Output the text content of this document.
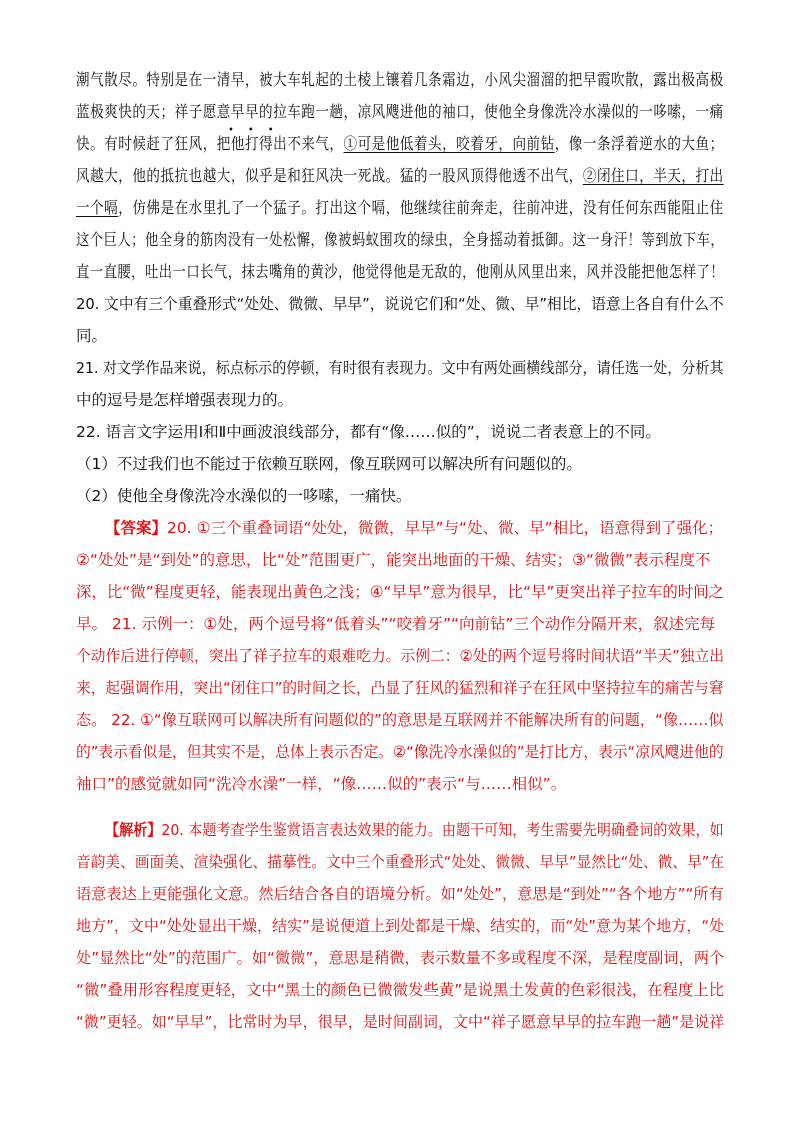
潮气散尽。特别是在一清早，被大车轧起的土棱上镶着几条霜边，小风尖溜溜的把早霞吹散，露出极高极
•••
蓝极爽快的天；祥子愿意早早的拉车跑一趟，凉风飕进他的袖口，使他全身像洗冷水澡似的一哆嗦，一痛
快。有时候赶了狂风，把他打得出不来气，①可是他低着头，咬着牙，向前钻，像一条浮着逆水的大鱼；
风越大，他的抵抗也越大，似乎是和狂风决一死战。猛的一股风顶得他透不出气，②闭住口，半天，打出
一个嗝，仿佛是在水里扎了一个猛子。打出这个嗝，他继续往前奔走，往前冲进，没有任何东西能阻止住
这个巨人；他全身的筋肉没有一处松懈，像被蚂蚁围攻的绿虫，全身摇动着抵御。这一身汗！等到放下车，
直一直腰，吐出一口长气，抹去嘴角的黄沙，他觉得他是无敌的，他刚从风里出来，风并没能把他怎样了！
20. 文中有三个重叠形式“处处、微微、早早”，说说它们和“处、微、早”相比，语意上各自有什么不
同。
21. 对文学作品来说，标点标示的停顿，有时很有表现力。文中有两处画横线部分，请任选一处，分析其
中的逗号是怎样增强表现力的。
22. 语言文字运用Ⅰ和Ⅱ中画波浪线部分，都有“像……似的”，说说二者表意上的不同。
（1）不过我们也不能过于依赖互联网，像互联网可以解决所有问题似的。
（2）使他全身像洗冷水澡似的一哆嗦，一痛快。
【答案】20. ①三个重叠词语“处处，微微，早早”与“处、微、早”相比，语意得到了强化；
②“处处”是“到处”的意思，比“处”范围更广，能突出地面的干燥、结实；③“微微”表示程度不
深，比“微”程度更轻，能表现出黄色之浅；④“早早”意为很早，比“早”更突出祥子拉车的时间之
早。 21. 示例一：①处，两个逗号将“低着头”“咬着牙”“向前钻”三个动作分隔开来，叙述完每
个动作后进行停顿，突出了祥子拉车的艰难吃力。示例二：②处的两个逗号将时间状语“半天”独立出
来，起强调作用，突出“闭住口”的时间之长，凸显了狂风的猛烈和祥子在狂风中坚持拉车的痛苦与窘
态。 22. ①“像互联网可以解决所有问题似的”的意思是互联网并不能解决所有的问题，“像……似
的”表示看似是，但其实不是，总体上表示否定。②“像洗冷水澡似的”是打比方，表示“凉风飕进他的
袖口”的感觉就如同“洗冷水澡”一样，“像……似的”表示“与……相似”。
【解析】20. 本题考查学生鉴赏语言表达效果的能力。由题干可知，考生需要先明确叠词的效果，如
音韵美、画面美、渲染强化、描摹性。文中三个重叠形式“处处、微微、早早”显然比“处、微、早”在
语意表达上更能强化文意。然后结合各自的语境分析。如“处处”，意思是“到处”“各个地方”“所有
地方”，文中“处处显出干燥，结实”是说便道上到处都是干燥、结实的，而“处”意为某个地方，“处
处”显然比“处”的范围广。如“微微”，意思是稍微，表示数量不多或程度不深，是程度副词，两个
“微”叠用形容程度更轻，文中“黑土的颜色已微微发些黄”是说黑土发黄的色彩很浅，在程度上比
“微”更轻。如“早早”，比常时为早，很早，是时间副词，文中“祥子愿意早早的拉车跑一趟”是说祥
